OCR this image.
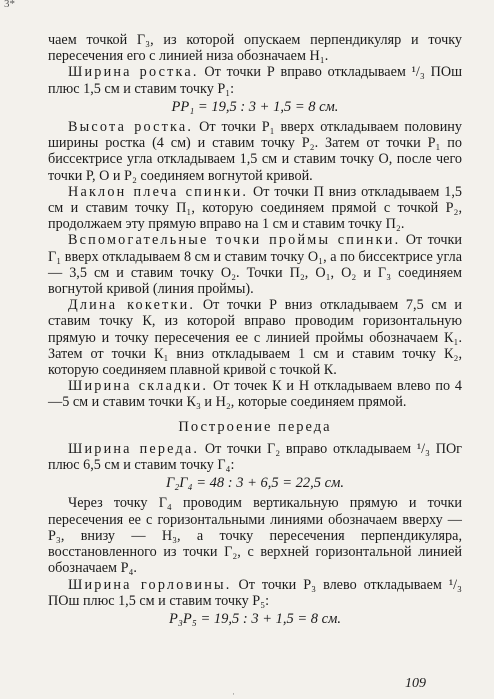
3*

чаем точкой Г₃, из которой опускаем перпендикуляр и точку пересечения его с линией низа обозначаем Н₁.

Ширина ростка. От точки Р вправо откладываем ¹/₃ ПОш плюс 1,5 см и ставим точку Р₁:

PP₁ = 19,5 : 3 + 1,5 = 8 см.

Высота ростка. От точки Р₁ вверх откладываем половину ширины ростка (4 см) и ставим точку Р₂. Затем от точки Р₁ по биссектрисе угла откладываем 1,5 см и ставим точку О, после чего точки Р, О и Р₂ соединяем вогнутой кривой.

Наклон плеча спинки. От точки П вниз откладываем 1,5 см и ставим точку П₁, которую соединяем прямой с точкой Р₂, продолжаем эту прямую вправо на 1 см и ставим точку П₂.

Вспомогательные точки проймы спинки. От точки Г₁ вверх откладываем 8 см и ставим точку О₁, а по биссектрисе угла — 3,5 см и ставим точку О₂. Точки П₂, О₁, О₂ и Г₃ соединяем вогнутой кривой (линия проймы).

Длина кокетки. От точки Р вниз откладываем 7,5 см и ставим точку К, из которой вправо проводим горизонтальную прямую и точку пересечения ее с линией проймы обозначаем К₁. Затем от точки К₁ вниз откладываем 1 см и ставим точку К₂, которую соединяем плавной кривой с точкой К.

Ширина складки. От точек К и Н откладываем влево по 4—5 см и ставим точки К₃ и Н₂, которые соединяем прямой.

Построение переда

Ширина переда. От точки Г₂ вправо откладываем ¹/₃ ПОг плюс 6,5 см и ставим точку Г₄:

Г₂Г₄ = 48 : 3 + 6,5 = 22,5 см.

Через точку Г₄ проводим вертикальную прямую и точки пересечения ее с горизонтальными линиями обозначаем вверху — Р₃, внизу — Н₃, а точку пересечения перпендикуляра, восстановленного из точки Г₂, с верхней горизонтальной линией обозначаем Р₄.

Ширина горловины. От точки Р₃ влево откладываем ¹/₃ ПОш плюс 1,5 см и ставим точку Р₅:

Р₃Р₅ = 19,5 : 3 + 1,5 = 8 см.
109
·
